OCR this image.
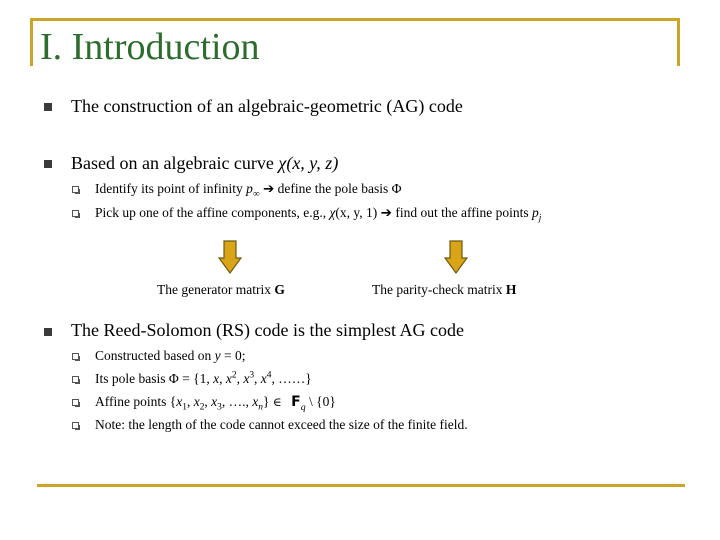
I. Introduction
The construction of an algebraic-geometric (AG) code
Based on an algebraic curve χ(x, y, z)
Identify its point of infinity $p_\infty$ ➔ define the pole basis Φ
Pick up one of the affine components, e.g., χ(x, y, 1) ➔ find out the affine points $p_j$
The generator matrix G	The parity-check matrix H
The Reed-Solomon (RS) code is the simplest AG code
Constructed based on y = 0;
Its pole basis Φ = {1, x, $x^2$, $x^3$, $x^4$, ……}
Affine points {$x_1$, $x_2$, $x_3$, …., $x_n$} ∈ $F_q$ \ {0}
Note: the length of the code cannot exceed the size of the finite field.
